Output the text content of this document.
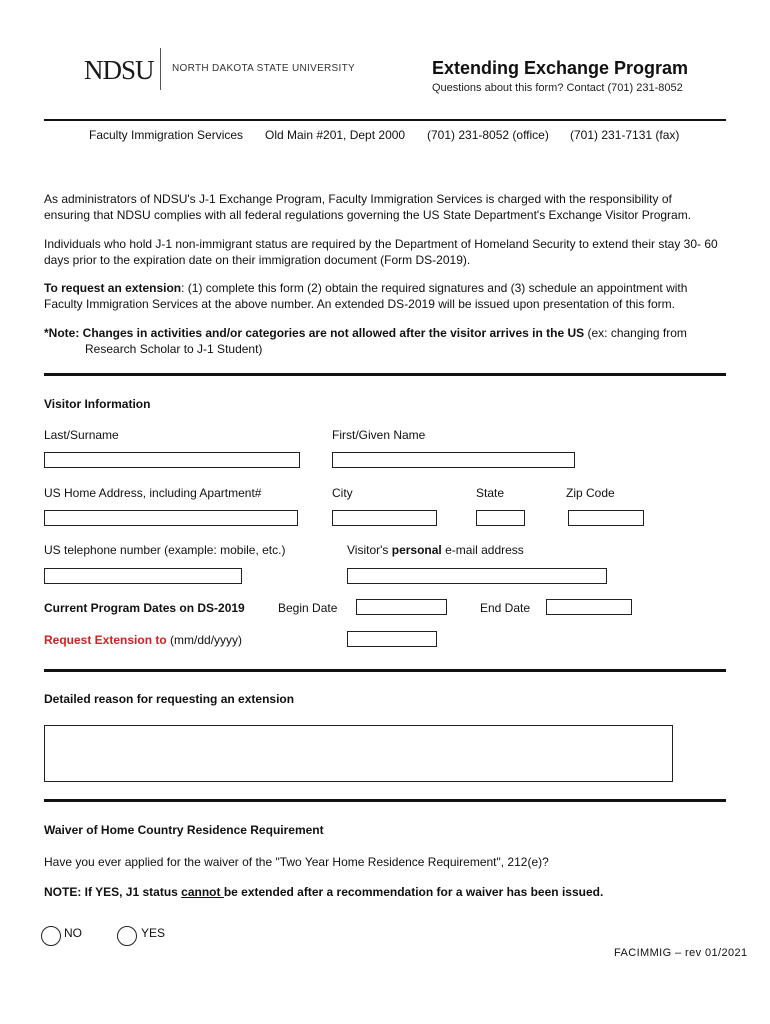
NDSU NORTH DAKOTA STATE UNIVERSITY	Extending Exchange Program
Questions about this form? Contact (701) 231-8052
Faculty Immigration Services Old Main #201, Dept 2000 (701) 231-8052 (office) (701) 231-7131 (fax)
As administrators of NDSU's J-1 Exchange Program, Faculty Immigration Services is charged with the responsibility of
ensuring that NDSU complies with all federal regulations governing the US State Department's Exchange Visitor Program.
Individuals who hold J-1 non-immigrant status are required by the Department of Homeland Security to extend their stay 30- 60
days prior to the expiration date on their immigration document (Form DS-2019).
To request an extension: (1) complete this form (2) obtain the required signatures and (3) schedule an appointment with
Faculty Immigration Services at the above number. An extended DS-2019 will be issued upon presentation of this form.
*Note: Changes in activities and/or categories are not allowed after the visitor arrives in the US (ex: changing from
Research Scholar to J-1 Student)
Visitor Information
Last/Surname	First/Given Name
US Home Address, including Apartment#	City	State	Zip Code
US telephone number (example: mobile, etc.)	Visitor's personal e-mail address
Current Program Dates on DS-2019	Begin Date	End Date
Request Extension to (mm/dd/yyyy)
Detailed reason for requesting an extension
Waiver of Home Country Residence Requirement
Have you ever applied for the waiver of the "Two Year Home Residence Requirement", 212(e)?
NOTE: If YES, J1 status cannot be extended after a recommendation for a waiver has been issued.
NO	YES
FACIMMIG – rev 01/2021
